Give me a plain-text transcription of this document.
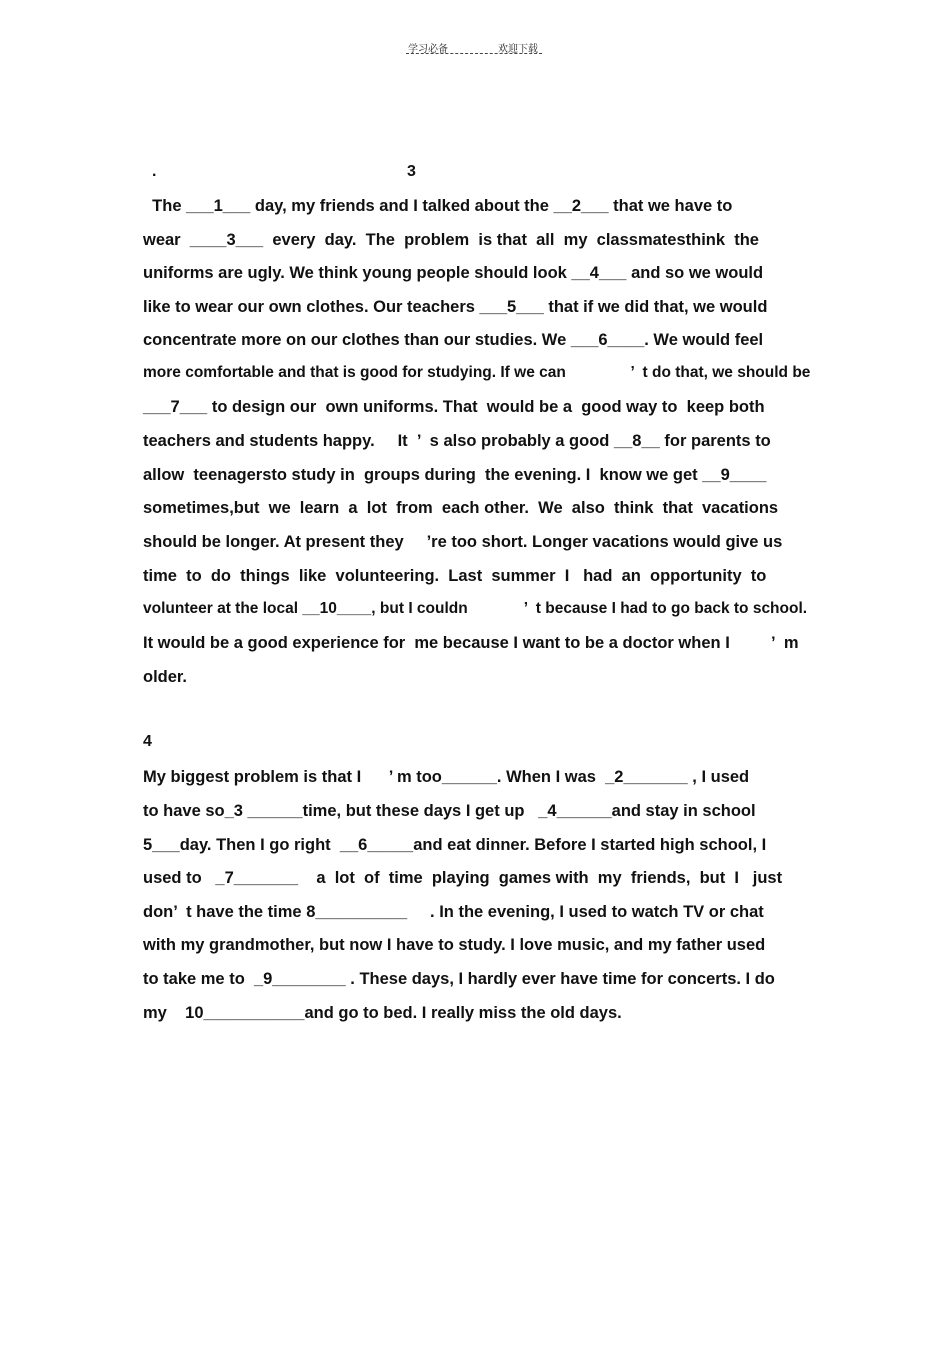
学习必备	欢迎下载
.	3
The ___1___ day, my friends and I talked about the __2___ that we have to
wear  ____3___  every  day.  The  problem  is that  all  my  classmatesthink  the
uniforms are ugly. We think young people should look __4___ and so we would
like to wear our own clothes. Our teachers ___5___ that if we did that, we would
concentrate more on our clothes than our studies. We ___6____. We would feel
more comfortable and that is good for studying. If we can               ’  t do that, we should be
___7___ to design our  own uniforms. That  would be a  good way to  keep both
teachers and students happy.     It  ’  s also probably a good __8__ for parents to
allow  teenagersto study in  groups during  the evening. I  know we get __9____
sometimes,but  we  learn  a  lot  from  each other.  We  also  think  that  vacations
should be longer. At present they     ’re too short. Longer vacations would give us
time  to  do  things  like  volunteering.  Last  summer  I   had  an  opportunity  to
volunteer at the local __10____, but I couldn             ’  t because I had to go back to school.
It would be a good experience for  me because I want to be a doctor when I         ’  m
older.
4
My biggest problem is that I      ’ m too______. When I was  _2_______ , I used
to have so_3 ______time, but these days I get up   _4______and stay in school
5___day. Then I go right  __6_____and eat dinner. Before I started high school, I
used to   _7_______    a  lot  of  time  playing  games with  my  friends,  but  I   just
don’  t have the time 8__________     . In the evening, I used to watch TV or chat
with my grandmother, but now I have to study. I love music, and my father used
to take me to  _9________ . These days, I hardly ever have time for concerts. I do
my    10___________and go to bed. I really miss the old days.
